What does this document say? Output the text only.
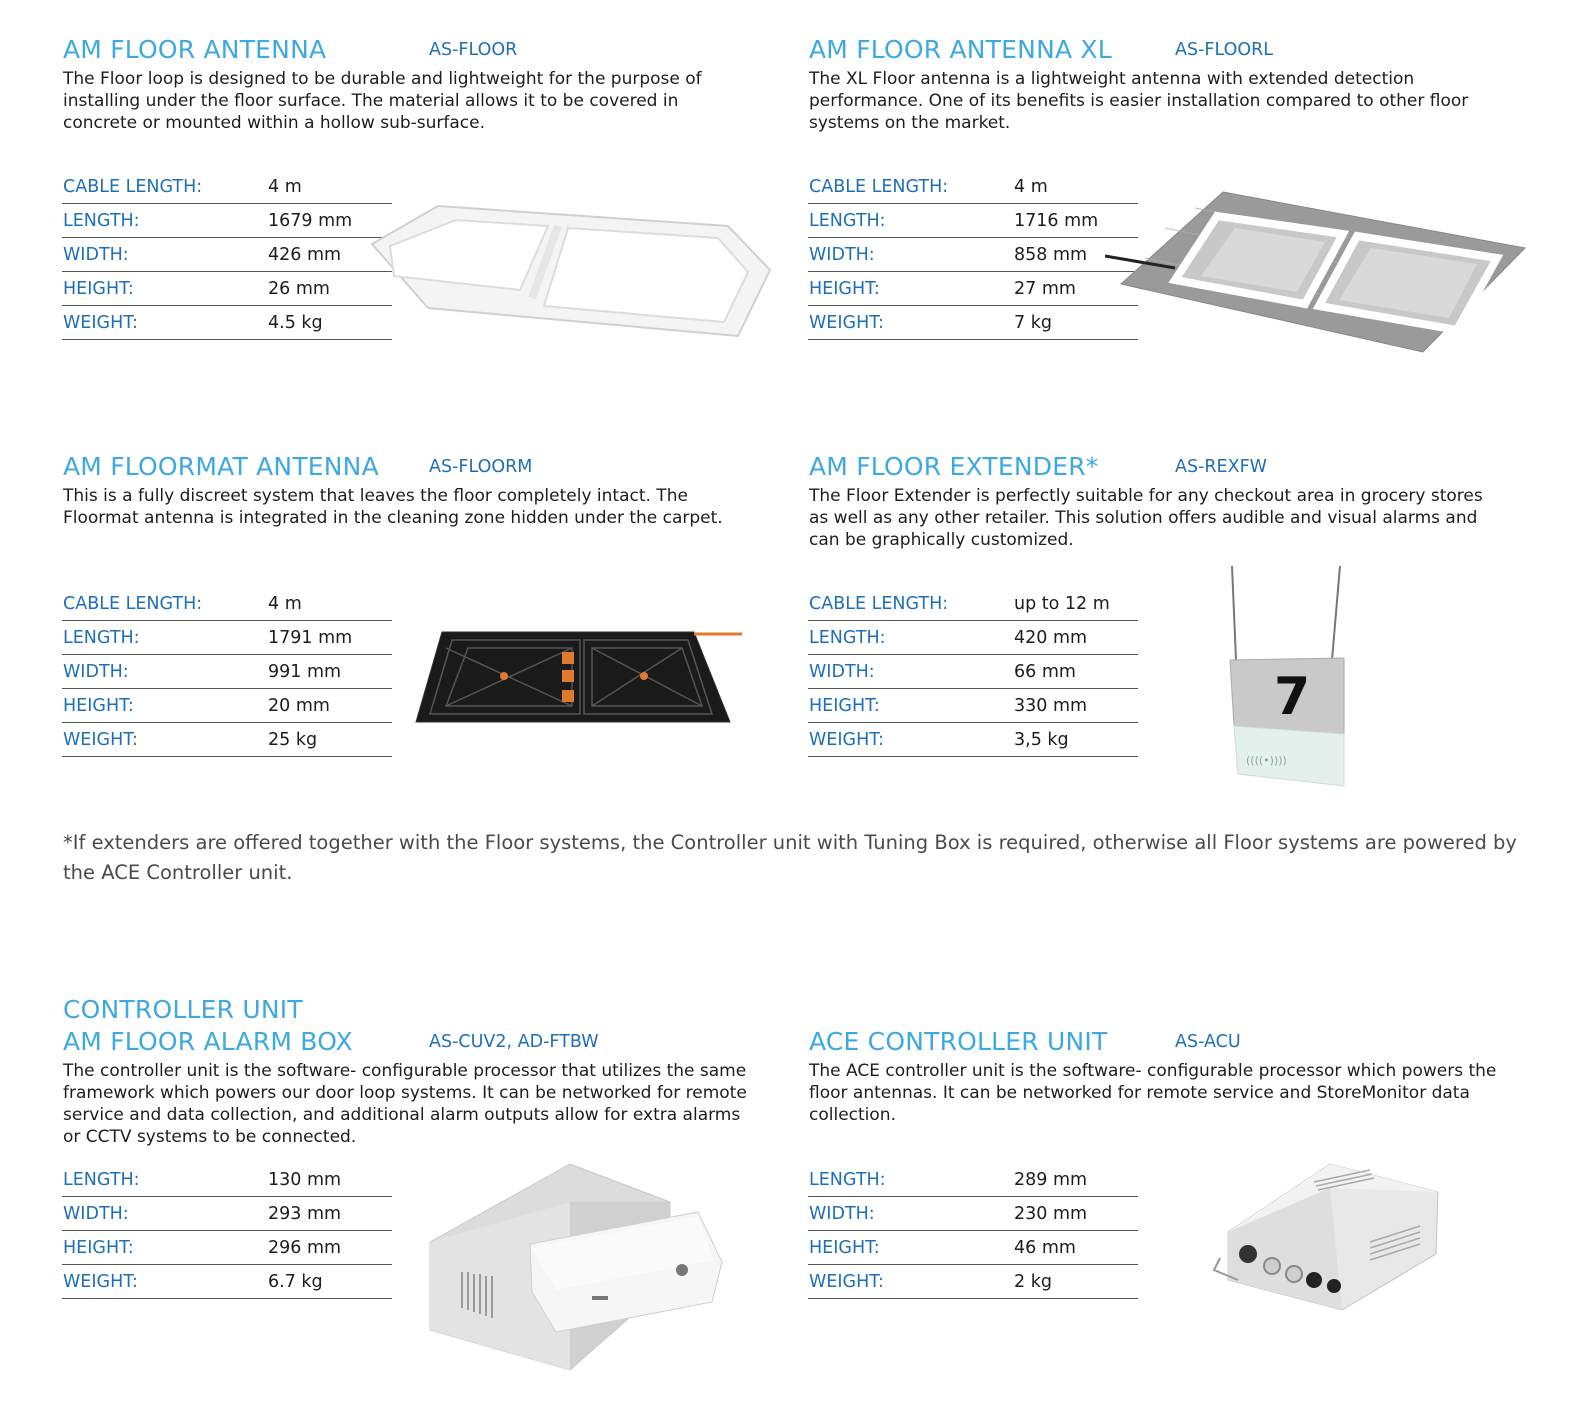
AM FLOOR ANTENNA	AS-FLOOR
The Floor loop is designed to be durable and lightweight for the purpose of installing under the floor surface. The material allows it to be covered in concrete or mounted within a hollow sub-surface.
CABLE LENGTH:	4 m
LENGTH:	1679 mm
WIDTH:	426 mm
HEIGHT:	26 mm
WEIGHT:	4.5 kg
AM FLOOR ANTENNA XL	AS-FLOORL
The XL Floor antenna is a lightweight antenna with extended detection performance. One of its benefits is easier installation compared to other floor systems on the market.
CABLE LENGTH:	4 m
LENGTH:	1716 mm
WIDTH:	858 mm
HEIGHT:	27 mm
WEIGHT:	7 kg
AM FLOORMAT ANTENNA	AS-FLOORM
This is a fully discreet system that leaves the floor completely intact. The Floormat antenna is integrated in the cleaning zone hidden under the carpet.
CABLE LENGTH:	4 m
LENGTH:	1791 mm
WIDTH:	991 mm
HEIGHT:	20 mm
WEIGHT:	25 kg
AM FLOOR EXTENDER*	AS-REXFW
The Floor Extender is perfectly suitable for any checkout area in grocery stores as well as any other retailer. This solution offers audible and visual alarms and can be graphically customized.
CABLE LENGTH:	up to 12 m
LENGTH:	420 mm
WIDTH:	66 mm
HEIGHT:	330 mm
WEIGHT:	3,5 kg
7
((((•))))
*If extenders are offered together with the Floor systems, the Controller unit with Tuning Box is required, otherwise all Floor systems are powered by the ACE Controller unit.
CONTROLLER UNIT
AM FLOOR ALARM BOX	AS-CUV2, AD-FTBW
The controller unit is the software- configurable processor that utilizes the same framework which powers our door loop systems. It can be networked for remote service and data collection, and additional alarm outputs allow for extra alarms or CCTV systems to be connected.
LENGTH:	130 mm
WIDTH:	293 mm
HEIGHT:	296 mm
WEIGHT:	6.7 kg
ACE CONTROLLER UNIT	AS-ACU
The ACE controller unit is the software- configurable processor which powers the floor antennas. It can be networked for remote service and StoreMonitor data collection.
LENGTH:	289 mm
WIDTH:	230 mm
HEIGHT:	46 mm
WEIGHT:	2 kg
